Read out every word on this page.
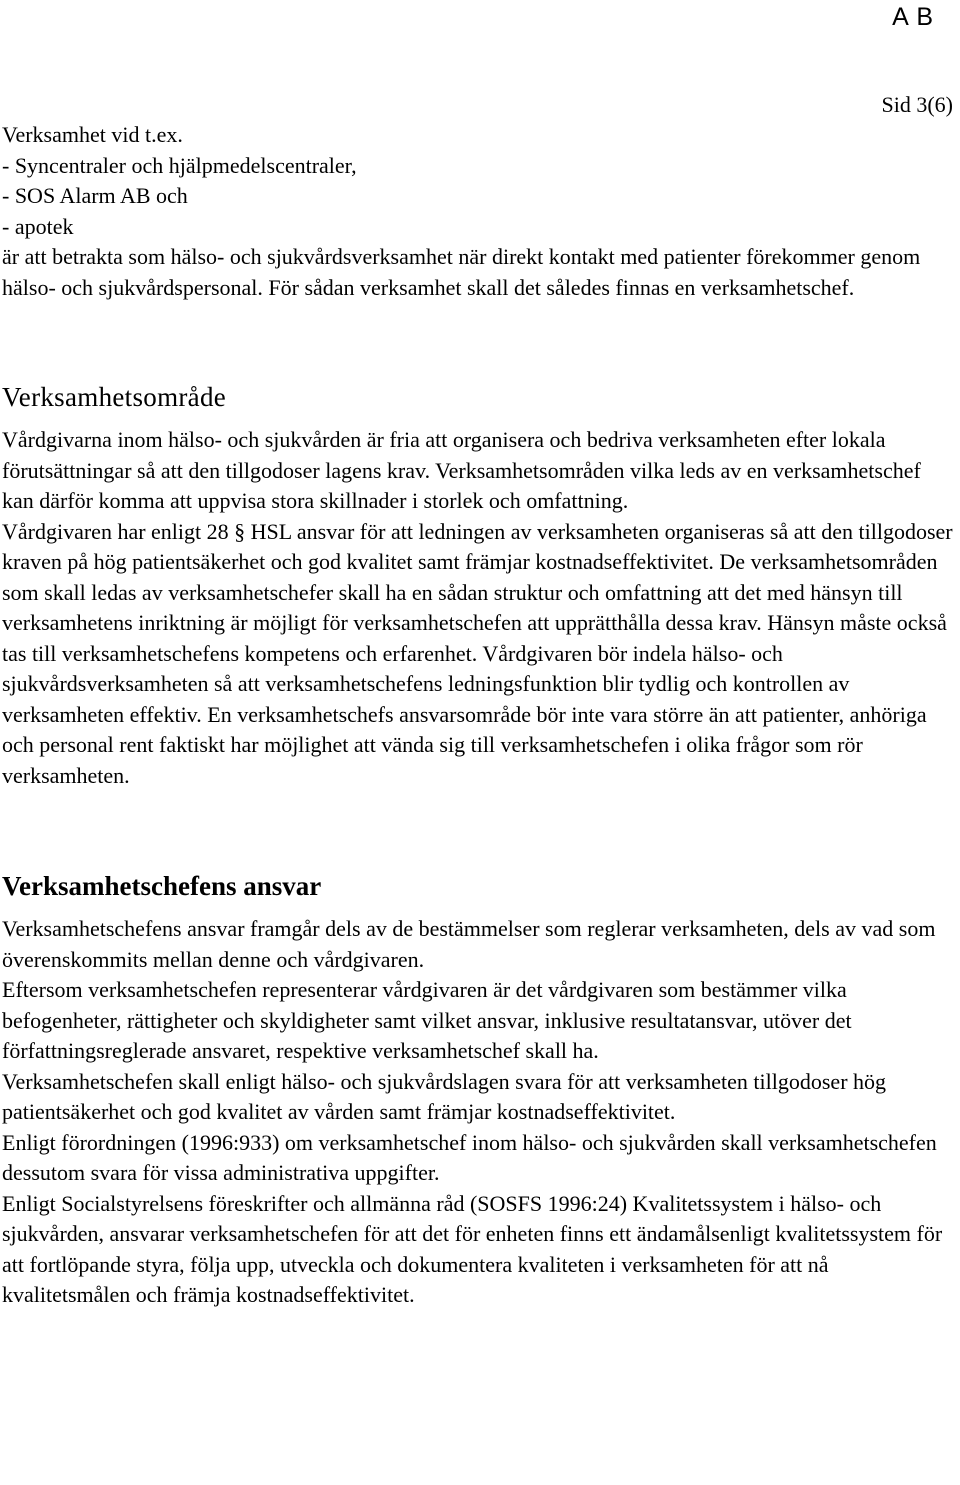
A B
Sid 3(6)

Verksamhet vid t.ex.

- Syncentraler och hjälpmedelscentraler,

- SOS Alarm AB och

- apotek

är att betrakta som hälso- och sjukvårdsverksamhet när direkt kontakt med patienter förekommer genom hälso- och sjukvårdspersonal. För sådan verksamhet skall det således finnas en verksamhetschef.

Verksamhetsområde

Vårdgivarna inom hälso- och sjukvården är fria att organisera och bedriva verksamheten efter lokala förutsättningar så att den tillgodoser lagens krav. Verksamhetsområden vilka leds av en verksamhetschef kan därför komma att uppvisa stora skillnader i storlek och omfattning.

Vårdgivaren har enligt 28 § HSL ansvar för att ledningen av verksamheten organiseras så att den tillgodoser kraven på hög patientsäkerhet och god kvalitet samt främjar kostnadseffektivitet. De verksamhetsområden som skall ledas av verksamhetschefer skall ha en sådan struktur och omfattning att det med hänsyn till verksamhetens inriktning är möjligt för verksamhetschefen att upprätthålla dessa krav. Hänsyn måste också tas till verksamhetschefens kompetens och erfarenhet. Vårdgivaren bör indela hälso- och sjukvårdsverksamheten så att verksamhetschefens ledningsfunktion blir tydlig och kontrollen av verksamheten effektiv. En verksamhetschefs ansvarsområde bör inte vara större än att patienter, anhöriga och personal rent faktiskt har möjlighet att vända sig till verksamhetschefen i olika frågor som rör verksamheten.

Verksamhetschefens ansvar

Verksamhetschefens ansvar framgår dels av de bestämmelser som reglerar verksamheten, dels av vad som överenskommits mellan denne och vårdgivaren.

Eftersom verksamhetschefen representerar vårdgivaren är det vårdgivaren som bestämmer vilka befogenheter, rättigheter och skyldigheter samt vilket ansvar, inklusive resultatansvar, utöver det författningsreglerade ansvaret, respektive verksamhetschef skall ha.

Verksamhetschefen skall enligt hälso- och sjukvårdslagen svara för att verksamheten tillgodoser hög patientsäkerhet och god kvalitet av vården samt främjar kostnadseffektivitet.

Enligt förordningen (1996:933) om verksamhetschef inom hälso- och sjukvården skall verksamhetschefen dessutom svara för vissa administrativa uppgifter.

Enligt Socialstyrelsens föreskrifter och allmänna råd (SOSFS 1996:24) Kvalitetssystem i hälso- och sjukvården, ansvarar verksamhetschefen för att det för enheten finns ett ändamålsenligt kvalitetssystem för att fortlöpande styra, följa upp, utveckla och dokumentera kvaliteten i verksamheten för att nå kvalitetsmålen och främja kostnadseffektivitet.
